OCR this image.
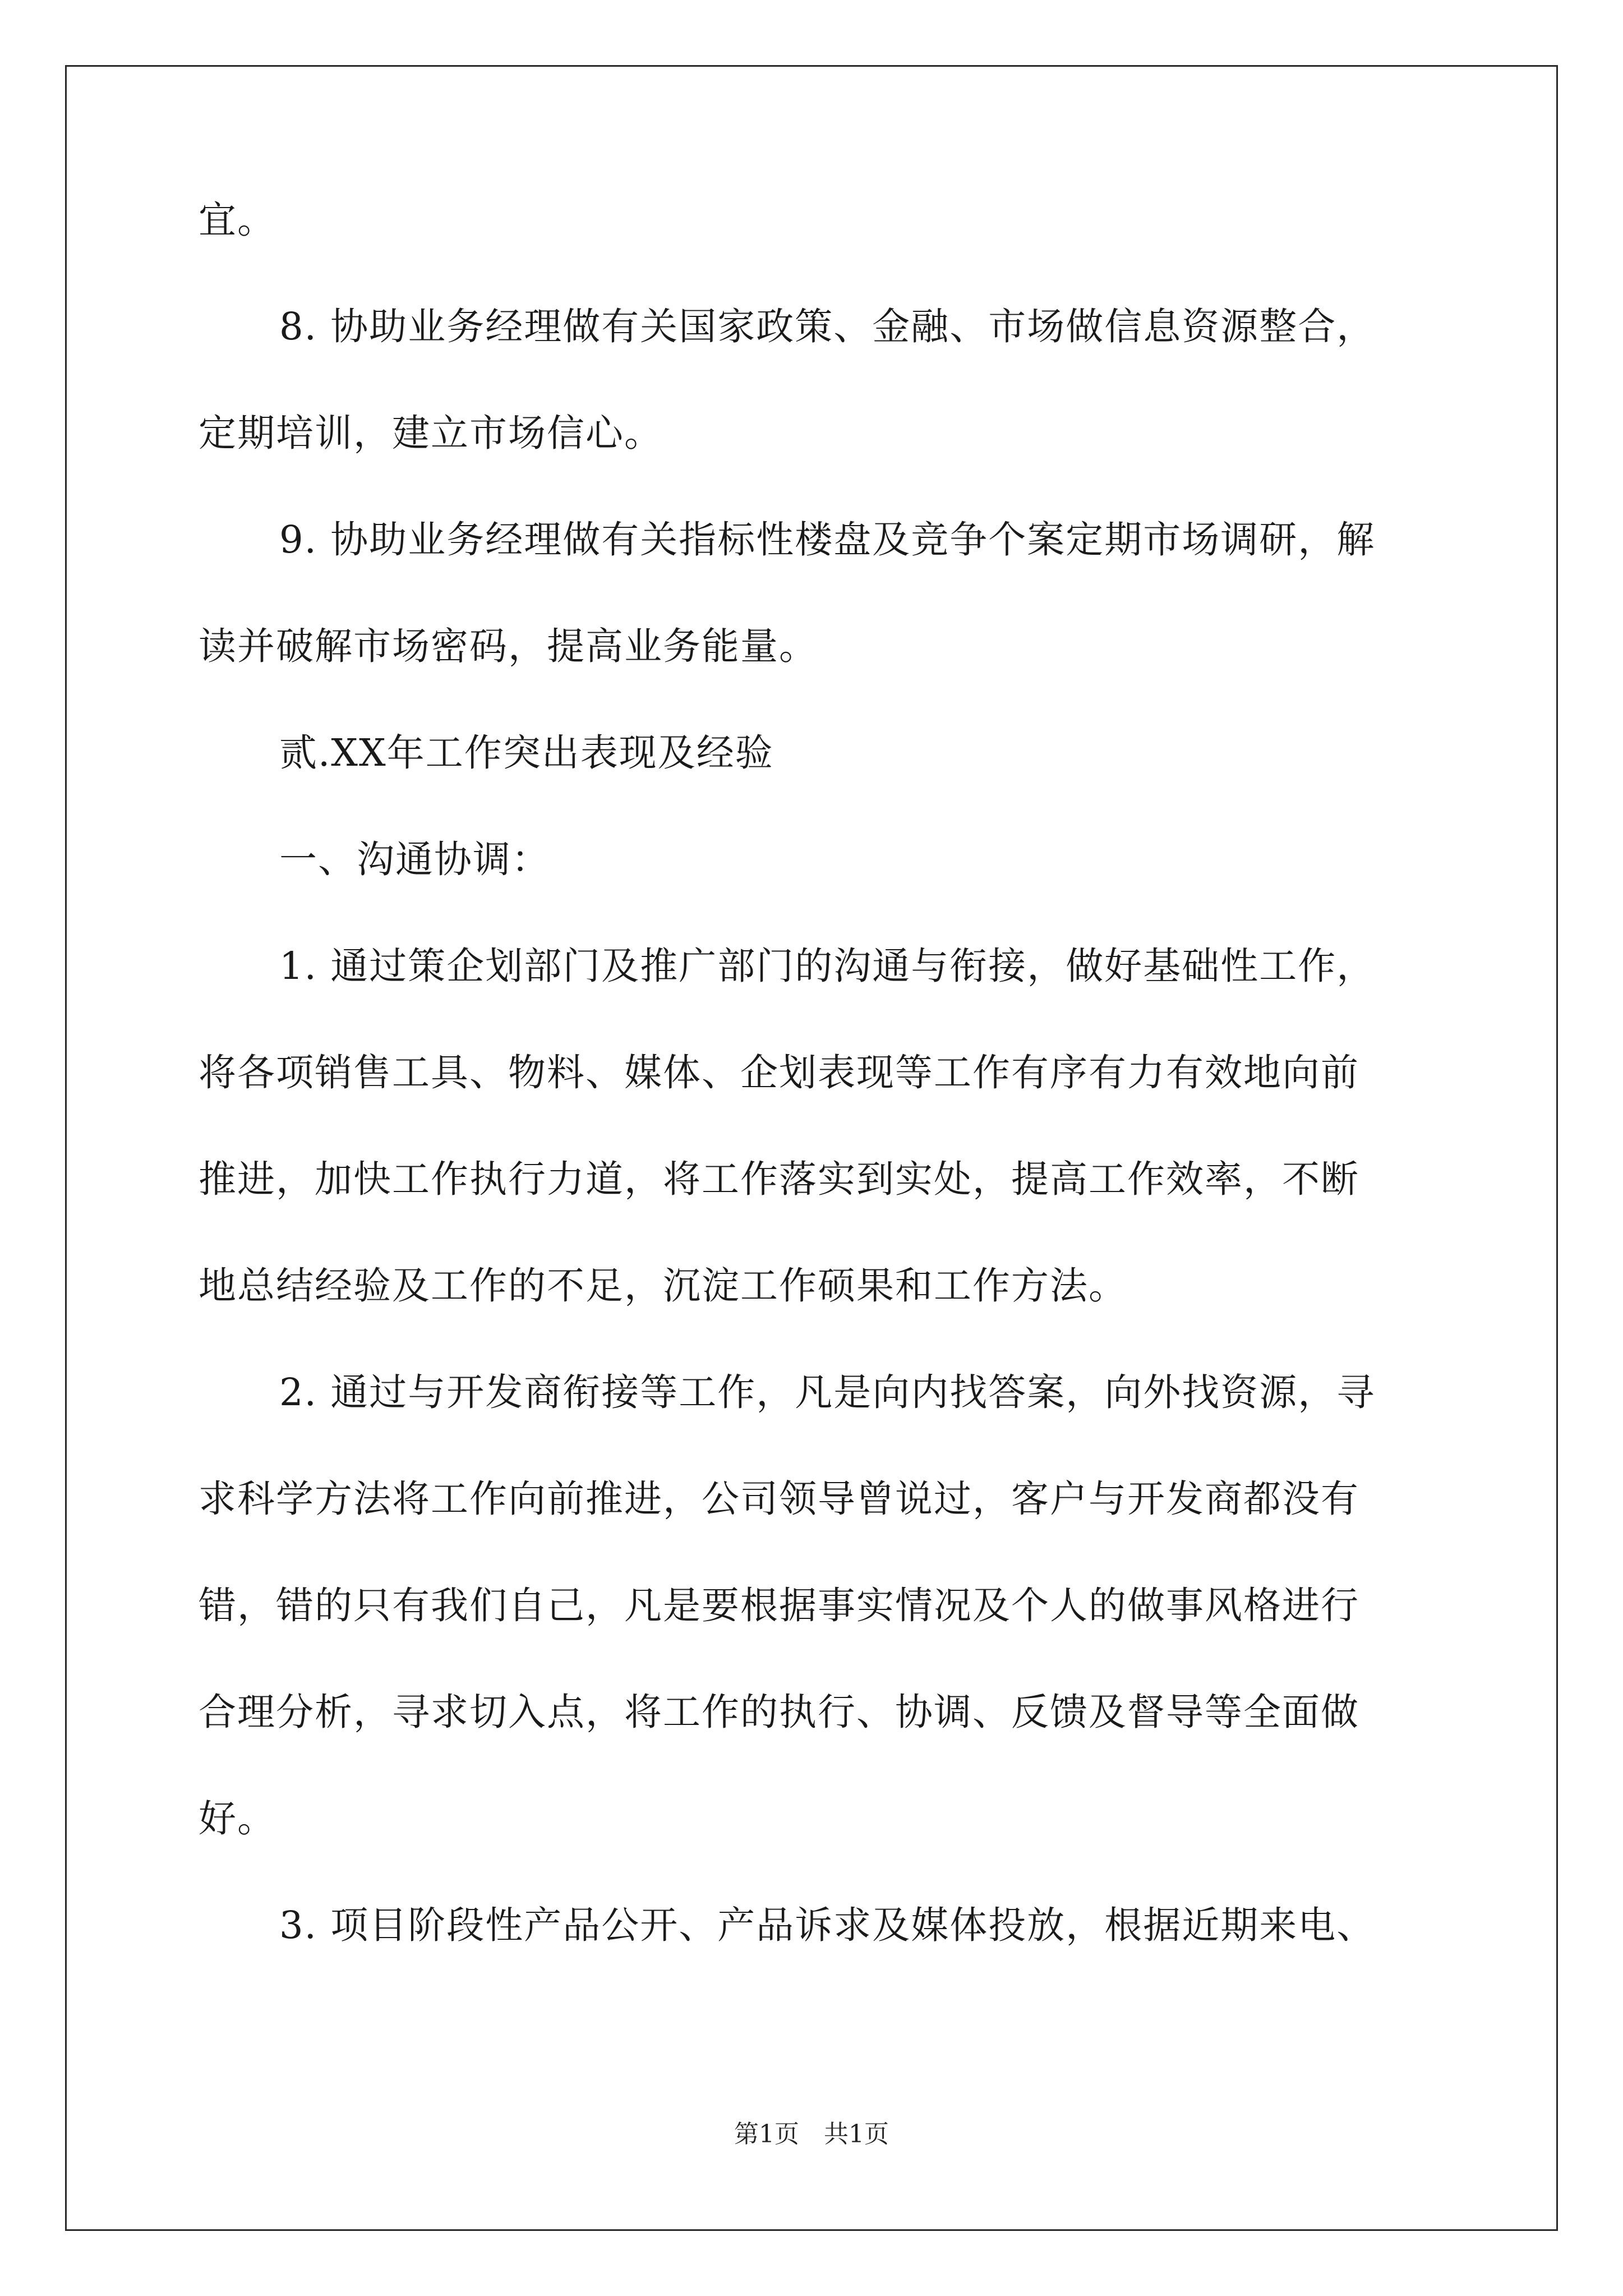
宜。
8. 协助业务经理做有关国家政策、金融、市场做信息资源整合，
定期培训，建立市场信心。
9. 协助业务经理做有关指标性楼盘及竞争个案定期市场调研，解
读并破解市场密码，提高业务能量。
贰.XX年工作突出表现及经验
一、沟通协调：
1. 通过策企划部门及推广部门的沟通与衔接，做好基础性工作，
将各项销售工具、物料、媒体、企划表现等工作有序有力有效地向前
推进，加快工作执行力道，将工作落实到实处，提高工作效率，不断
地总结经验及工作的不足，沉淀工作硕果和工作方法。
2. 通过与开发商衔接等工作，凡是向内找答案，向外找资源，寻
求科学方法将工作向前推进，公司领导曾说过，客户与开发商都没有
错，错的只有我们自己，凡是要根据事实情况及个人的做事风格进行
合理分析，寻求切入点，将工作的执行、协调、反馈及督导等全面做
好。
3. 项目阶段性产品公开、产品诉求及媒体投放，根据近期来电、
第1页　共1页
